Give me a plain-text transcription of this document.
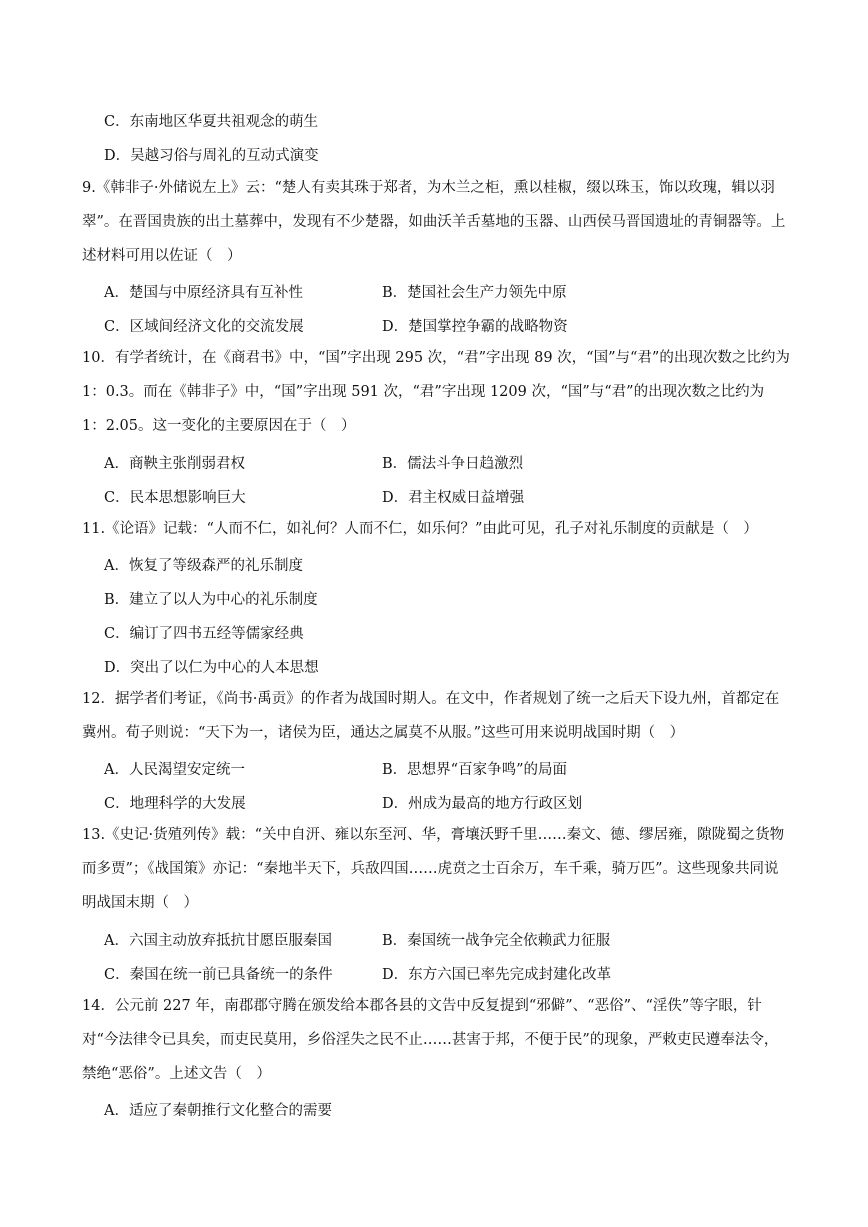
C．东南地区华夏共祖观念的萌生
D．吴越习俗与周礼的互动式演变

9.《韩非子·外储说左上》云：“楚人有卖其珠于郑者，为木兰之柜，熏以桂椒，缀以珠玉，饰以玫瑰，辑以羽翠”。在晋国贵族的出土墓葬中，发现有不少楚器，如曲沃羊舌墓地的玉器、山西侯马晋国遗址的青铜器等。上述材料可用以佐证（　）

A．楚国与中原经济具有互补性	B．楚国社会生产力领先中原
C．区域间经济文化的交流发展	D．楚国掌控争霸的战略物资

10．有学者统计，在《商君书》中，“国”字出现 295 次，“君”字出现 89 次，“国”与“君”的出现次数之比约为 1：0.3。而在《韩非子》中，“国”字出现 591 次，“君”字出现 1209 次，“国”与“君”的出现次数之比约为 1：2.05。这一变化的主要原因在于（　）

A．商鞅主张削弱君权	B．儒法斗争日趋激烈
C．民本思想影响巨大	D．君主权威日益增强

11.《论语》记载：“人而不仁，如礼何？人而不仁，如乐何？”由此可见，孔子对礼乐制度的贡献是（　）

A．恢复了等级森严的礼乐制度
B．建立了以人为中心的礼乐制度
C．编订了四书五经等儒家经典
D．突出了以仁为中心的人本思想

12．据学者们考证，《尚书·禹贡》的作者为战国时期人。在文中，作者规划了统一之后天下设九州，首都定在冀州。荀子则说：“天下为一，诸侯为臣，通达之属莫不从服。”这些可用来说明战国时期（　）

A．人民渴望安定统一	B．思想界“百家争鸣”的局面
C．地理科学的大发展	D．州成为最高的地方行政区划

13.《史记·货殖列传》载：“关中自汧、雍以东至河、华，膏壤沃野千里……秦文、德、缪居雍，隙陇蜀之货物而多贾”；《战国策》亦记：“秦地半天下，兵敌四国……虎贲之士百余万，车千乘，骑万匹”。这些现象共同说明战国末期（　）

A．六国主动放弃抵抗甘愿臣服秦国	B．秦国统一战争完全依赖武力征服
C．秦国在统一前已具备统一的条件	D．东方六国已率先完成封建化改革

14．公元前 227 年，南郡郡守腾在颁发给本郡各县的文告中反复提到“邪僻”、“恶俗”、“淫佚”等字眼，针对“今法律令已具矣，而吏民莫用，乡俗淫失之民不止……甚害于邦，不便于民”的现象，严敕吏民遵奉法令，禁绝“恶俗”。上述文告（　）

A．适应了秦朝推行文化整合的需要
